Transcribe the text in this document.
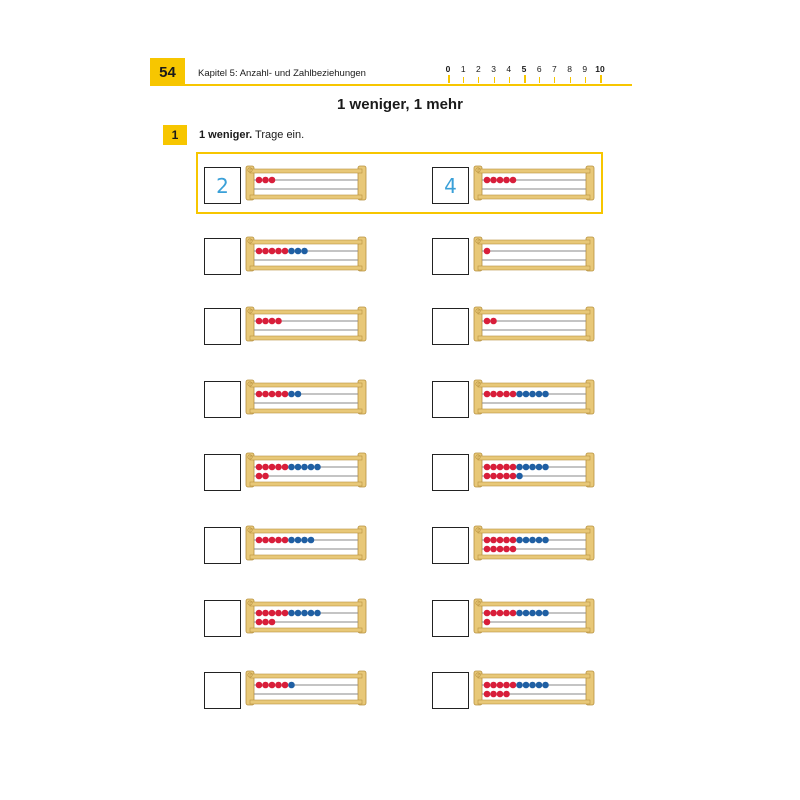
54	Kapitel 5: Anzahl- und Zahlbeziehungen	0	1	2	3	4	5	6	7	8	9 10
1 weniger, 1 mehr
1	1 weniger. Trage ein.
2	4
